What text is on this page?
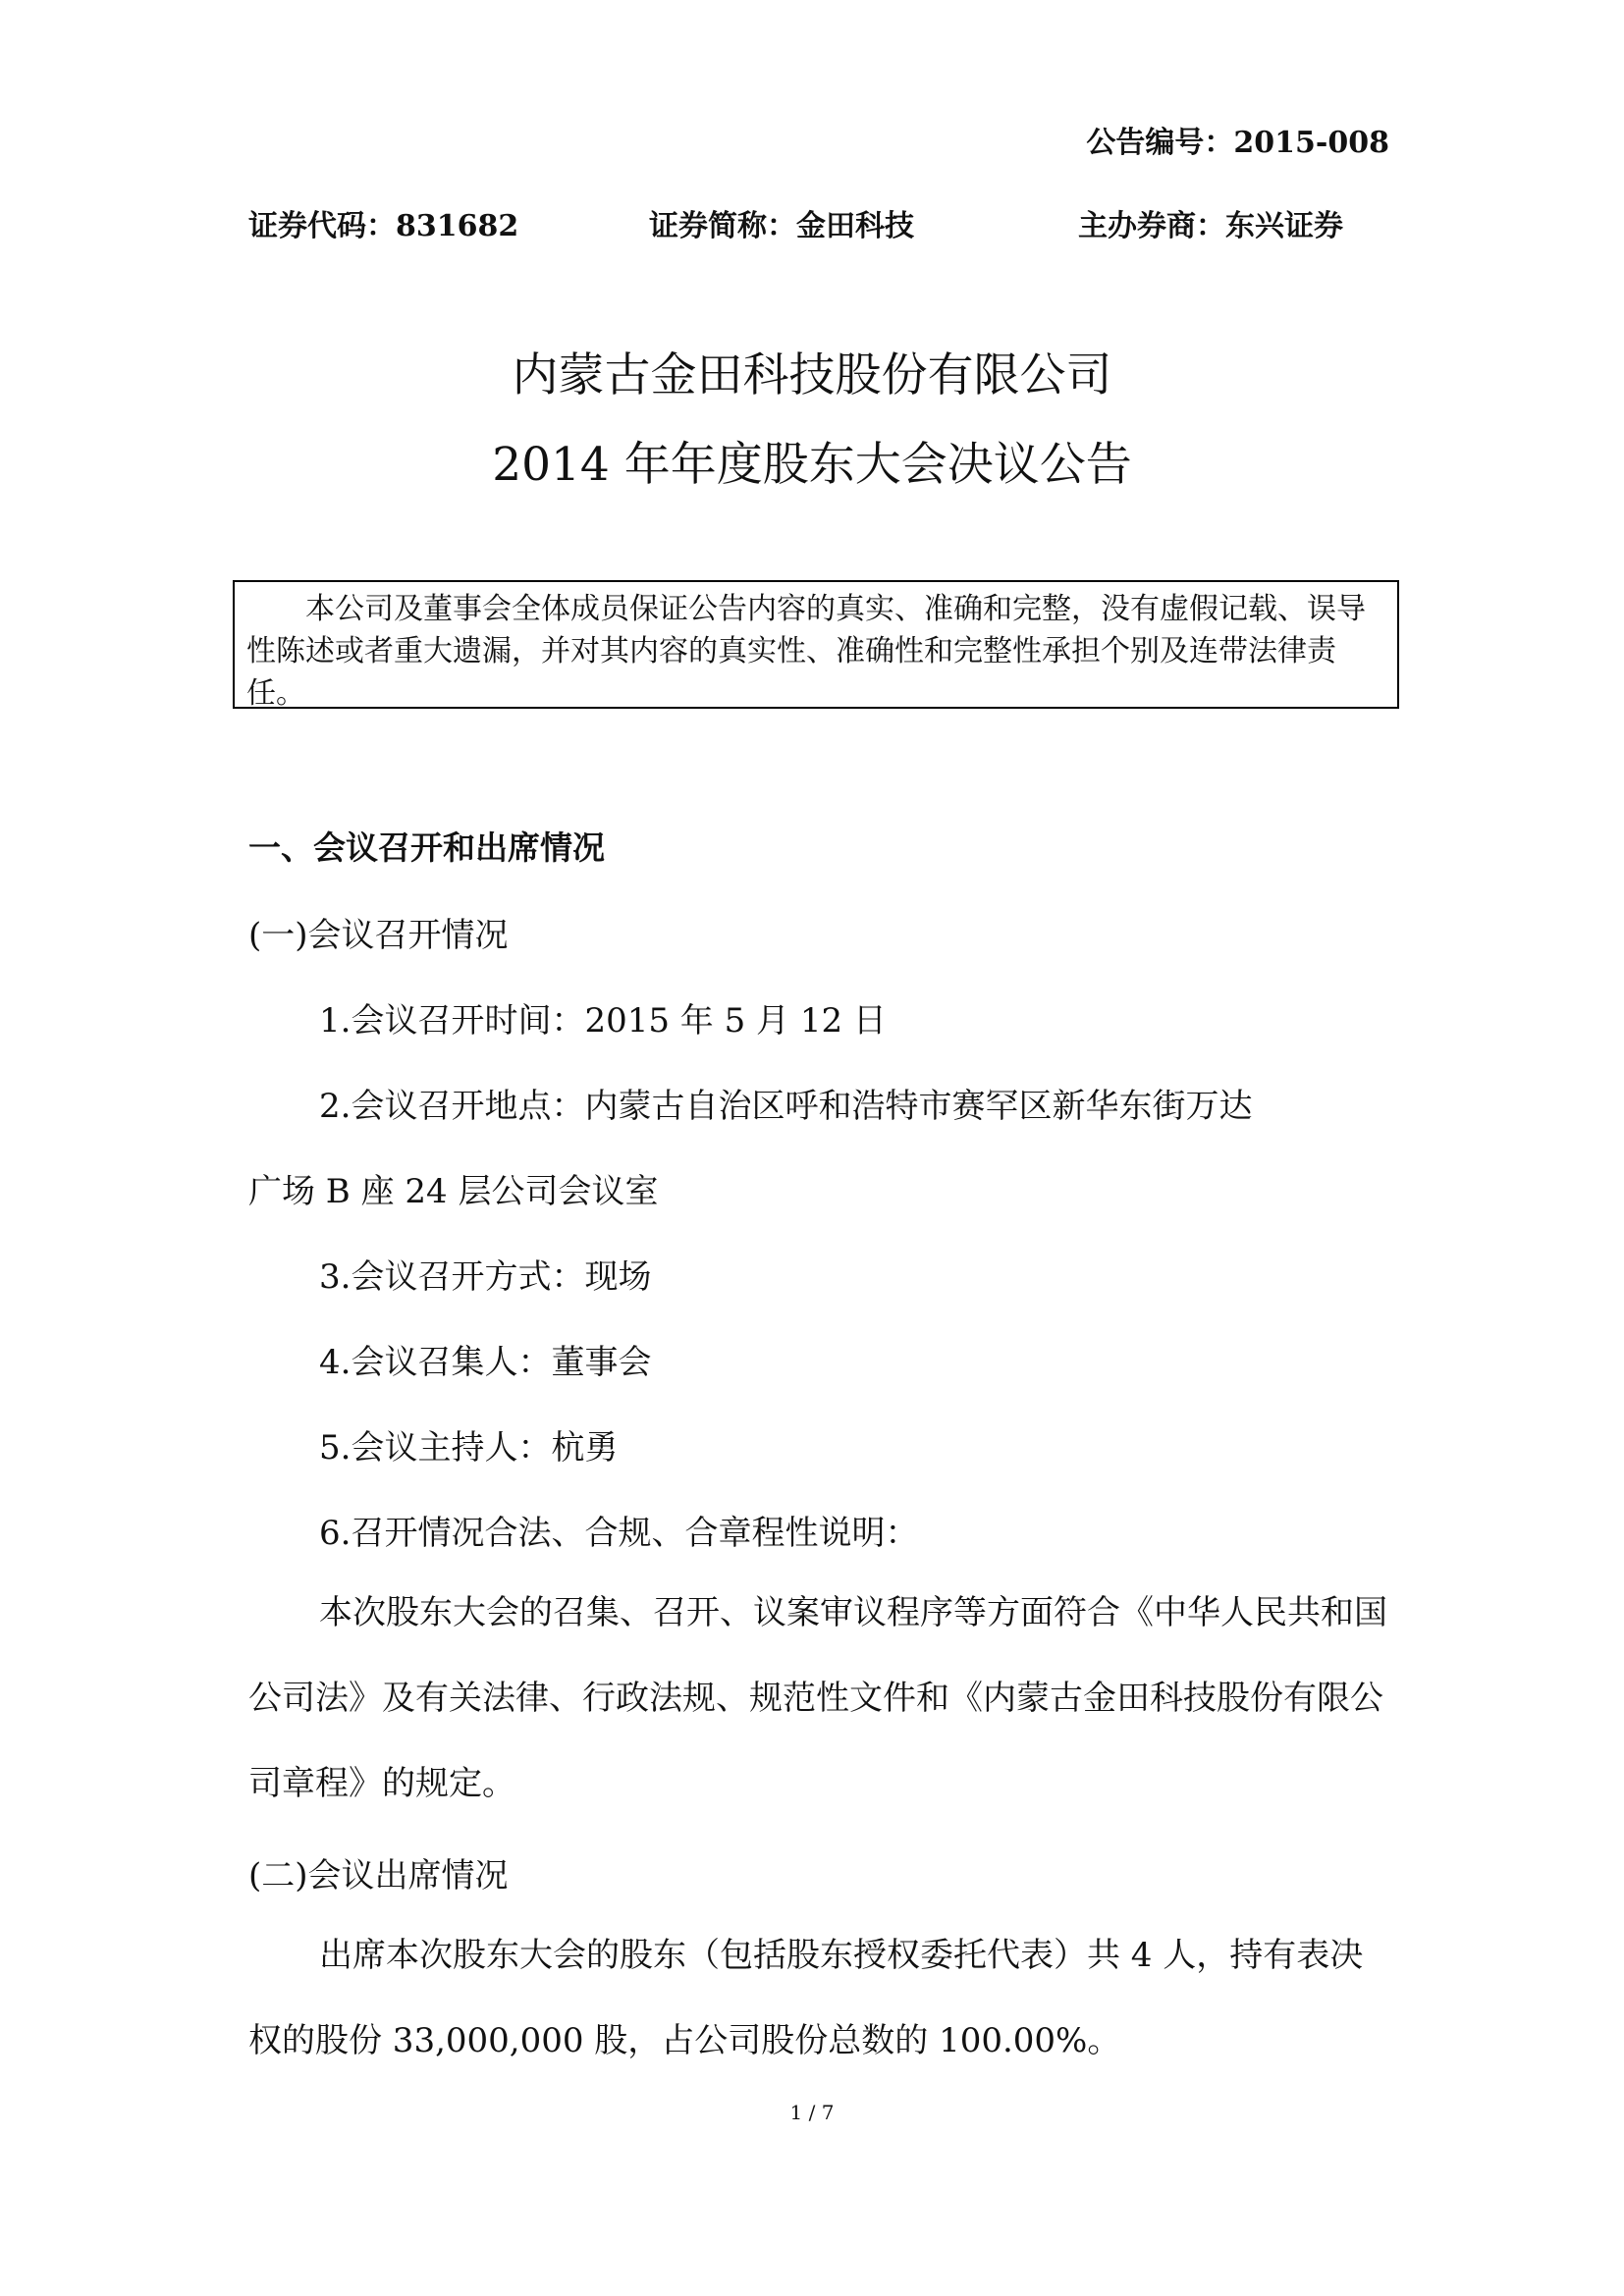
公告编号：2015-008
证券代码：831682	证券简称：金田科技	主办券商：东兴证券
内蒙古金田科技股份有限公司
2014 年年度股东大会决议公告

本公司及董事会全体成员保证公告内容的真实、准确和完整，没有虚假记载、误导性陈述或者重大遗漏，并对其内容的真实性、准确性和完整性承担个别及连带法律责任。

一、会议召开和出席情况
(一)会议召开情况
1.会议召开时间：2015 年 5 月 12 日
2.会议召开地点：内蒙古自治区呼和浩特市赛罕区新华东街万达
广场 B 座 24 层公司会议室
3.会议召开方式：现场
4.会议召集人：董事会
5.会议主持人：杭勇
6.召开情况合法、合规、合章程性说明：
本次股东大会的召集、召开、议案审议程序等方面符合《中华人民共和国公司法》及有关法律、行政法规、规范性文件和《内蒙古金田科技股份有限公司章程》的规定。
(二)会议出席情况
出席本次股东大会的股东（包括股东授权委托代表）共 4 人，持有表决权的股份 33,000,000 股，占公司股份总数的 100.00%。
1 / 7
